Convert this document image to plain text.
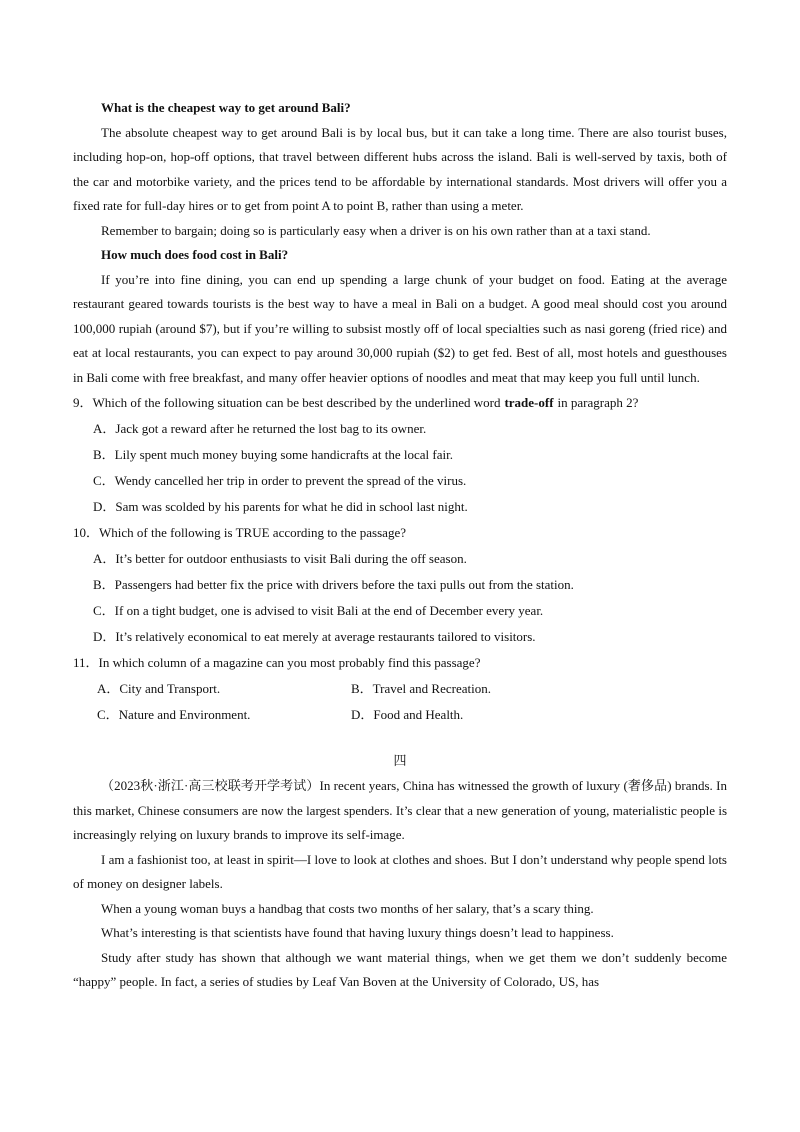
What is the cheapest way to get around Bali?

The absolute cheapest way to get around Bali is by local bus, but it can take a long time. There are also tourist buses, including hop-on, hop-off options, that travel between different hubs across the island. Bali is well-served by taxis, both of the car and motorbike variety, and the prices tend to be affordable by international standards. Most drivers will offer you a fixed rate for full-day hires or to get from point A to point B, rather than using a meter.

Remember to bargain; doing so is particularly easy when a driver is on his own rather than at a taxi stand.

How much does food cost in Bali?

If you’re into fine dining, you can end up spending a large chunk of your budget on food. Eating at the average restaurant geared towards tourists is the best way to have a meal in Bali on a budget. A good meal should cost you around 100,000 rupiah (around $7), but if you’re willing to subsist mostly off of local specialties such as nasi goreng (fried rice) and eat at local restaurants, you can expect to pay around 30,000 rupiah ($2) to get fed. Best of all, most hotels and guesthouses in Bali come with free breakfast, and many offer heavier options of noodles and meat that may keep you full until lunch.

9．Which of the following situation can be best described by the underlined word trade-off in paragraph 2?

A．Jack got a reward after he returned the lost bag to its owner.

B．Lily spent much money buying some handicrafts at the local fair.

C．Wendy cancelled her trip in order to prevent the spread of the virus.

D．Sam was scolded by his parents for what he did in school last night.

10．Which of the following is TRUE according to the passage?

A．It’s better for outdoor enthusiasts to visit Bali during the off season.

B．Passengers had better fix the price with drivers before the taxi pulls out from the station.

C．If on a tight budget, one is advised to visit Bali at the end of December every year.

D．It’s relatively economical to eat merely at average restaurants tailored to visitors.

11．In which column of a magazine can you most probably find this passage?

A．City and Transport.	B．Travel and Recreation.
C．Nature and Environment.	D．Food and Health.

四

（2023秋·浙江·高三校联考开学考试）In recent years, China has witnessed the growth of luxury (奢侈品) brands. In this market, Chinese consumers are now the largest spenders. It’s clear that a new generation of young, materialistic people is increasingly relying on luxury brands to improve its self-image.

I am a fashionist too, at least in spirit—I love to look at clothes and shoes. But I don’t understand why people spend lots of money on designer labels.

When a young woman buys a handbag that costs two months of her salary, that’s a scary thing.

What’s interesting is that scientists have found that having luxury things doesn’t lead to happiness.

Study after study has shown that although we want material things, when we get them we don’t suddenly become “happy” people. In fact, a series of studies by Leaf Van Boven at the University of Colorado, US, has
